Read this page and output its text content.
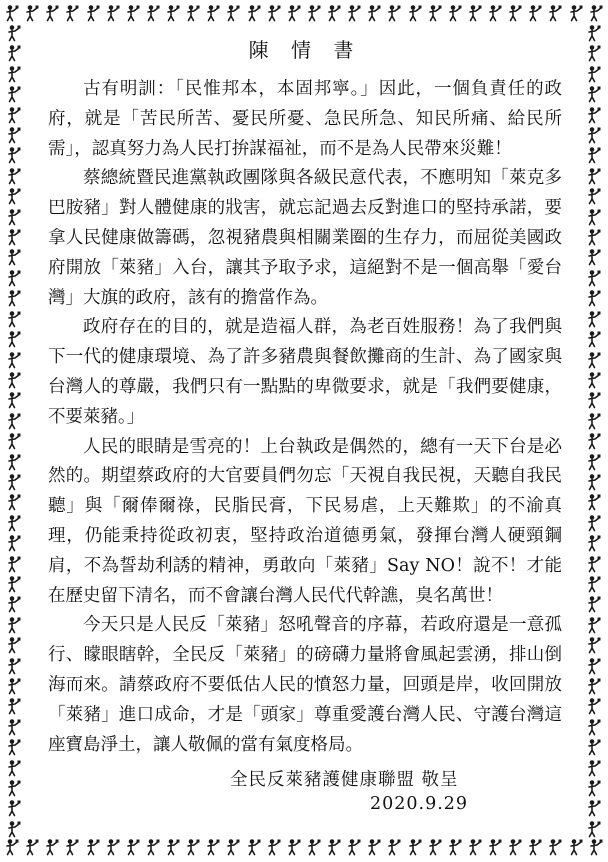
陳 情 書

古有明訓：「民惟邦本，本固邦寧。」因此，一個負責任的政府，就是「苦民所苦、憂民所憂、急民所急、知民所痛、給民所需」，認真努力為人民打拚謀福祉，而不是為人民帶來災難！

蔡總統暨民進黨執政團隊與各級民意代表，不應明知「萊克多巴胺豬」對人體健康的戕害，就忘記過去反對進口的堅持承諾，要拿人民健康做籌碼，忽視豬農與相關業圈的生存力，而屈從美國政府開放「萊豬」入台，讓其予取予求，這絕對不是一個高舉「愛台灣」大旗的政府，該有的擔當作為。

政府存在的目的，就是造福人群，為老百姓服務！為了我們與下一代的健康環境、為了許多豬農與餐飲攤商的生計、為了國家與台灣人的尊嚴，我們只有一點點的卑微要求，就是「我們要健康，不要萊豬。」

人民的眼睛是雪亮的！上台執政是偶然的，總有一天下台是必然的。期望蔡政府的大官要員們勿忘「天視自我民視，天聽自我民聽」與「爾俸爾祿，民脂民膏，下民易虐，上天難欺」的不渝真理，仍能秉持從政初衷，堅持政治道德勇氣，發揮台灣人硬頸鋼肩，不為誓劫利誘的精神，勇敢向「萊豬」Say NO！說不！才能在歷史留下清名，而不會讓台灣人民代代幹譙，臭名萬世！

今天只是人民反「萊豬」怒吼聲音的序幕，若政府還是一意孤行、矇眼瞎幹，全民反「萊豬」的磅礴力量將會風起雲湧，排山倒海而來。請蔡政府不要低估人民的憤怒力量，回頭是岸，收回開放「萊豬」進口成命，才是「頭家」尊重愛護台灣人民、守護台灣這座寶島淨土，讓人敬佩的當有氣度格局。

全民反萊豬護健康聯盟 敬呈
2020.9.29
